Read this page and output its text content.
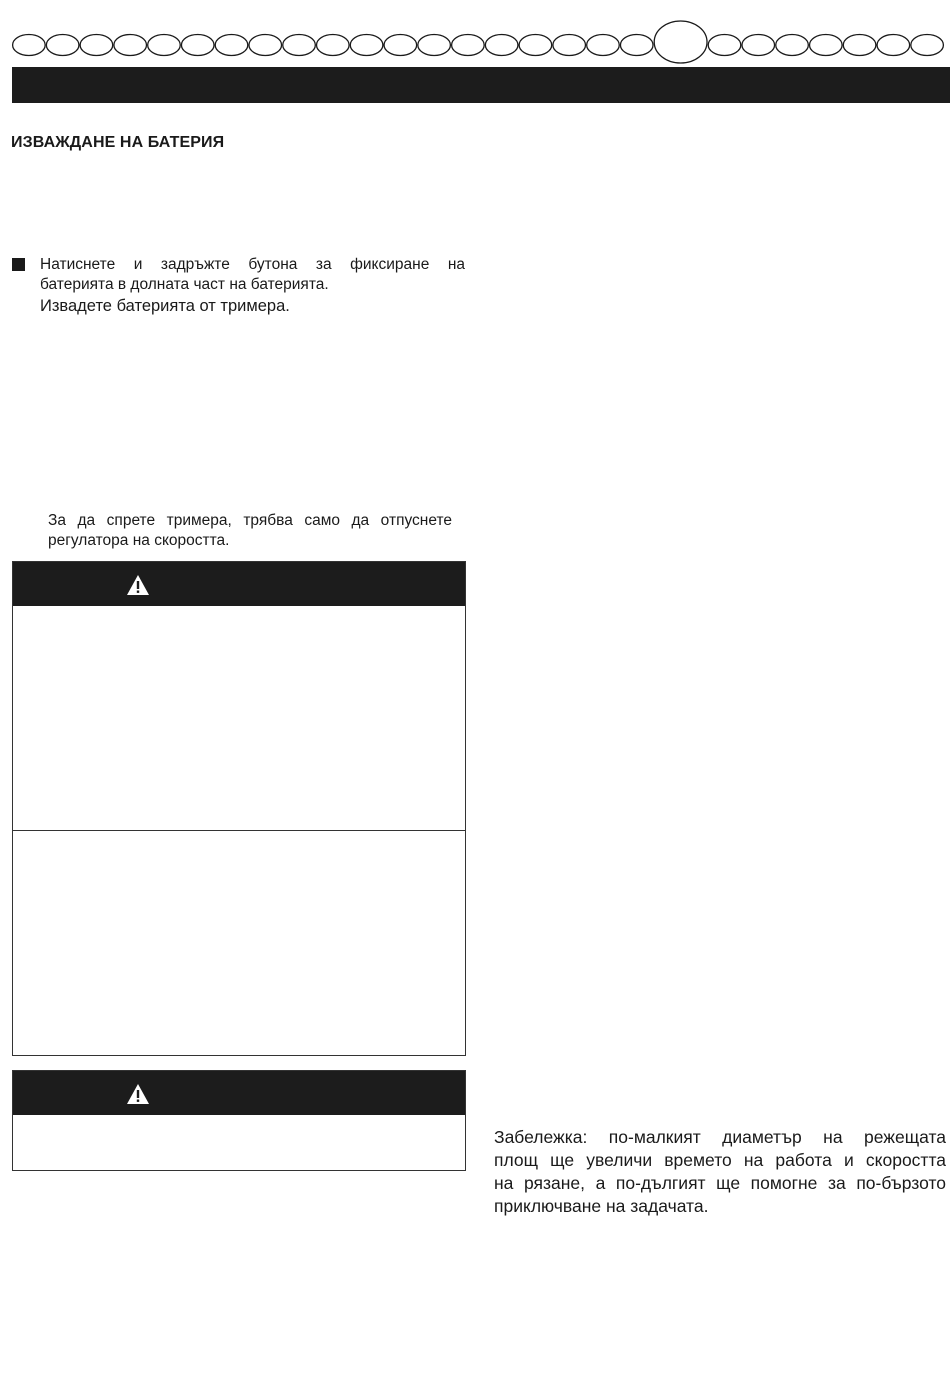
ИЗВАЖДАНЕ НА БАТЕРИЯ

Натиснете и задръжте бутона за фиксиране на

батерията в долната част на батерията.

Извадете батерията от тримера.

За да спрете тримера, трябва само да отпуснете

регулатора на скоростта.

Забележка: по-малкият диаметър на режещата
площ ще увеличи времето на работа и скоростта
на рязане, а по-дългият ще помогне за по-бързото
приключване на задачата.
